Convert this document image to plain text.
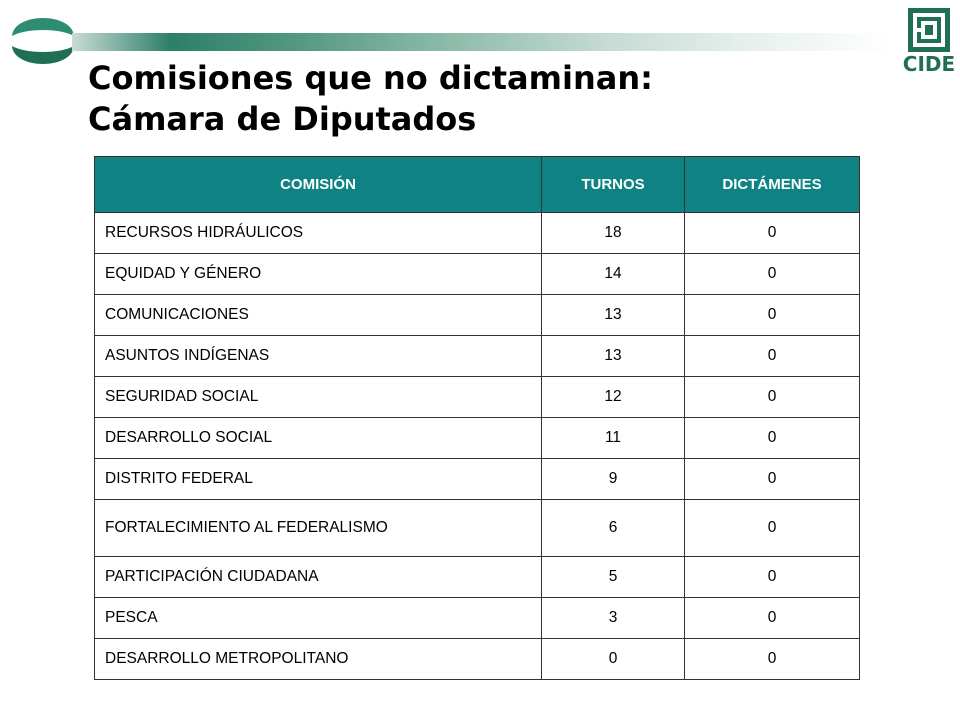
CIDE
Comisiones que no dictaminan:
Cámara de Diputados
COMISIÓN	TURNOS	DICTÁMENES
RECURSOS HIDRÁULICOS	18	0
EQUIDAD Y GÉNERO	14	0
COMUNICACIONES	13	0
ASUNTOS INDÍGENAS	13	0
SEGURIDAD SOCIAL	12	0
DESARROLLO SOCIAL	11	0
DISTRITO FEDERAL	9	0
FORTALECIMIENTO AL FEDERALISMO	6	0
PARTICIPACIÓN CIUDADANA	5	0
PESCA	3	0
DESARROLLO METROPOLITANO	0	0
